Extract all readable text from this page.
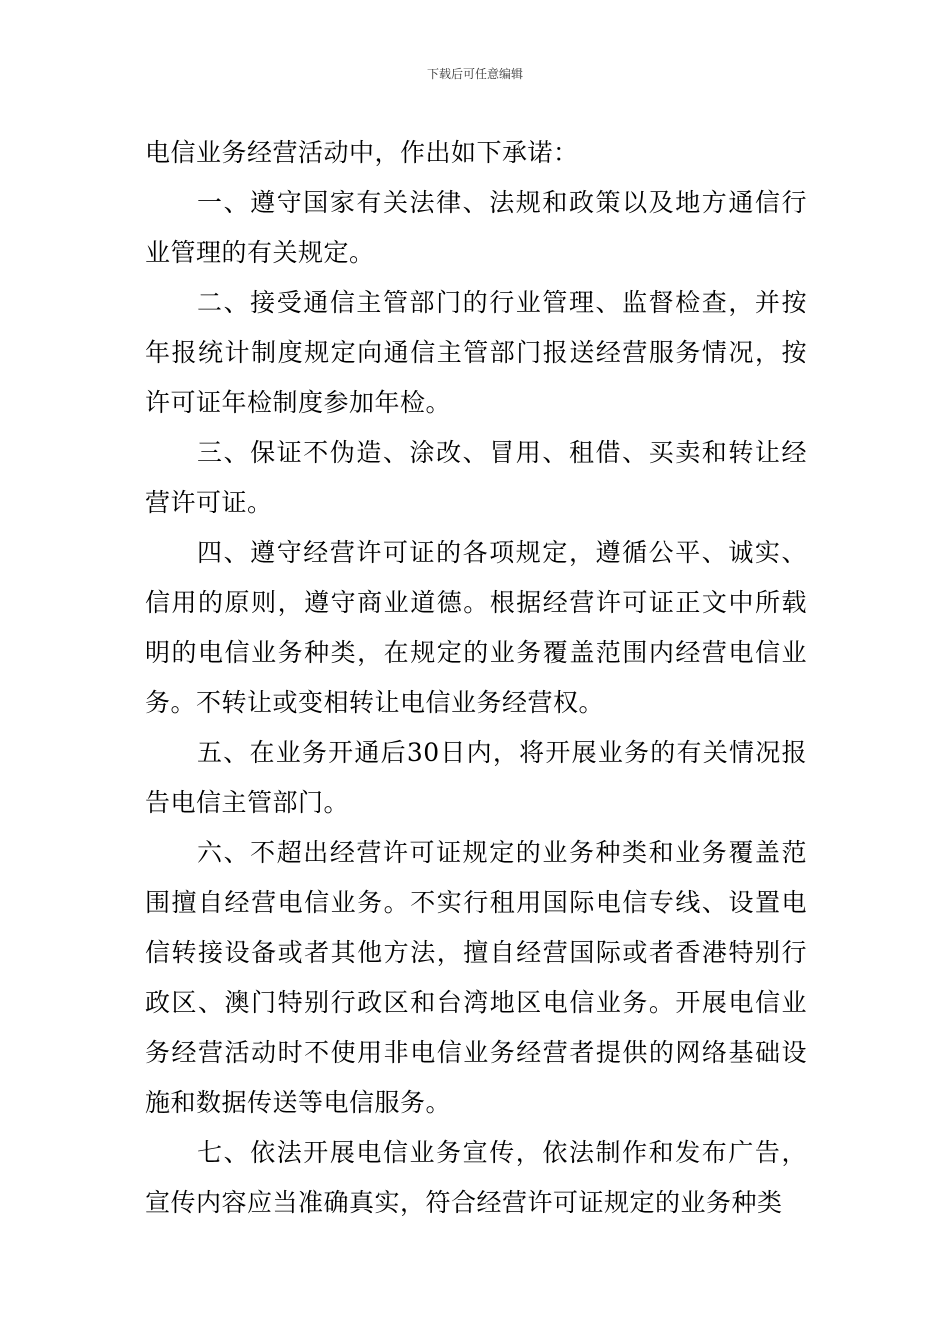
下载后可任意编辑

电信业务经营活动中，作出如下承诺：

一、遵守国家有关法律、法规和政策以及地方通信行业管理的有关规定。

二、接受通信主管部门的行业管理、监督检查，并按年报统计制度规定向通信主管部门报送经营服务情况，按许可证年检制度参加年检。

三、保证不伪造、涂改、冒用、租借、买卖和转让经营许可证。

四、遵守经营许可证的各项规定，遵循公平、诚实、信用的原则，遵守商业道德。根据经营许可证正文中所载明的电信业务种类，在规定的业务覆盖范围内经营电信业务。不转让或变相转让电信业务经营权。

五、在业务开通后30日内，将开展业务的有关情况报告电信主管部门。

六、不超出经营许可证规定的业务种类和业务覆盖范围擅自经营电信业务。不实行租用国际电信专线、设置电信转接设备或者其他方法，擅自经营国际或者香港特别行政区、澳门特别行政区和台湾地区电信业务。开展电信业务经营活动时不使用非电信业务经营者提供的网络基础设施和数据传送等电信服务。

七、依法开展电信业务宣传，依法制作和发布广告，宣传内容应当准确真实，符合经营许可证规定的业务种类
